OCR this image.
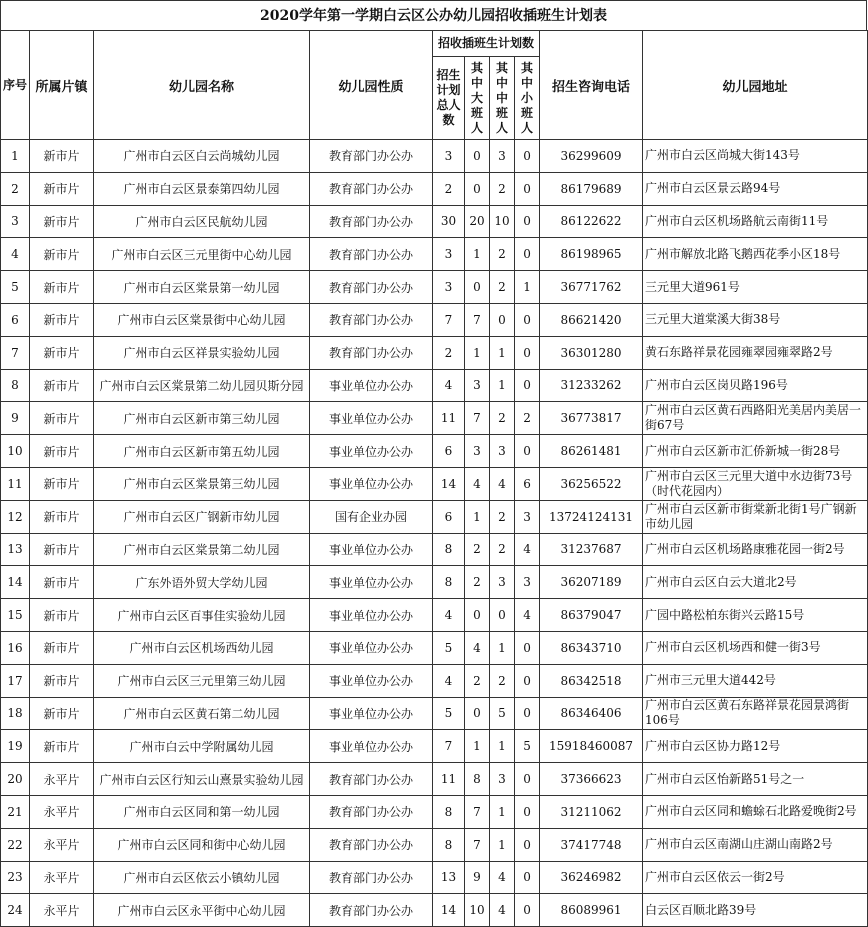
2020学年第一学期白云区公办幼儿园招收插班生计划表
序号	所属片镇	幼儿园名称	幼儿园性质	招收插班生计划数				招生咨询电话	幼儿园地址
				招生计划总人数	其中大班人	其中中班人	其中小班人		
1	新市片	广州市白云区白云尚城幼儿园	教育部门办公办	3	0	3	0	36299609	广州市白云区尚城大街143号
2	新市片	广州市白云区景泰第四幼儿园	教育部门办公办	2	0	2	0	86179689	广州市白云区景云路94号
3	新市片	广州市白云区民航幼儿园	教育部门办公办	30	20	10	0	86122622	广州市白云区机场路航云南街11号
4	新市片	广州市白云区三元里街中心幼儿园	教育部门办公办	3	1	2	0	86198965	广州市解放北路飞鹅西花季小区18号
5	新市片	广州市白云区棠景第一幼儿园	教育部门办公办	3	0	2	1	36771762	三元里大道961号
6	新市片	广州市白云区棠景街中心幼儿园	教育部门办公办	7	7	0	0	86621420	三元里大道棠溪大街38号
7	新市片	广州市白云区祥景实验幼儿园	教育部门办公办	2	1	1	0	36301280	黄石东路祥景花园雍翠园雍翠路2号
8	新市片	广州市白云区棠景第二幼儿园贝斯分园	事业单位办公办	4	3	1	0	31233262	广州市白云区岗贝路196号
9	新市片	广州市白云区新市第三幼儿园	事业单位办公办	11	7	2	2	36773817	广州市白云区黄石西路阳光美居内美居一街67号
10	新市片	广州市白云区新市第五幼儿园	事业单位办公办	6	3	3	0	86261481	广州市白云区新市汇侨新城一街28号
11	新市片	广州市白云区棠景第三幼儿园	事业单位办公办	14	4	4	6	36256522	广州市白云区三元里大道中水边街73号（时代花园内）
12	新市片	广州市白云区广钢新市幼儿园	国有企业办园	6	1	2	3	13724124131	广州市白云区新市街棠新北街1号广钢新市幼儿园
13	新市片	广州市白云区棠景第二幼儿园	事业单位办公办	8	2	2	4	31237687	广州市白云区机场路康雅花园一街2号
14	新市片	广东外语外贸大学幼儿园	事业单位办公办	8	2	3	3	36207189	广州市白云区白云大道北2号
15	新市片	广州市白云区百事佳实验幼儿园	事业单位办公办	4	0	0	4	86379047	广园中路松柏东街兴云路15号
16	新市片	广州市白云区机场西幼儿园	事业单位办公办	5	4	1	0	86343710	广州市白云区机场西和健一街3号
17	新市片	广州市白云区三元里第三幼儿园	事业单位办公办	4	2	2	0	86342518	广州市三元里大道442号
18	新市片	广州市白云区黄石第二幼儿园	事业单位办公办	5	0	5	0	86346406	广州市白云区黄石东路祥景花园景鸿街106号
19	新市片	广州市白云中学附属幼儿园	事业单位办公办	7	1	1	5	15918460087	广州市白云区协力路12号
20	永平片	广州市白云区行知云山熹景实验幼儿园	教育部门办公办	11	8	3	0	37366623	广州市白云区怡新路51号之一
21	永平片	广州市白云区同和第一幼儿园	教育部门办公办	8	7	1	0	31211062	广州市白云区同和蟾蜍石北路爱晚街2号
22	永平片	广州市白云区同和街中心幼儿园	教育部门办公办	8	7	1	0	37417748	广州市白云区南湖山庄湖山南路2号
23	永平片	广州市白云区依云小镇幼儿园	教育部门办公办	13	9	4	0	36246982	广州市白云区依云一街2号
24	永平片	广州市白云区永平街中心幼儿园	教育部门办公办	14	10	4	0	86089961	白云区百顺北路39号
